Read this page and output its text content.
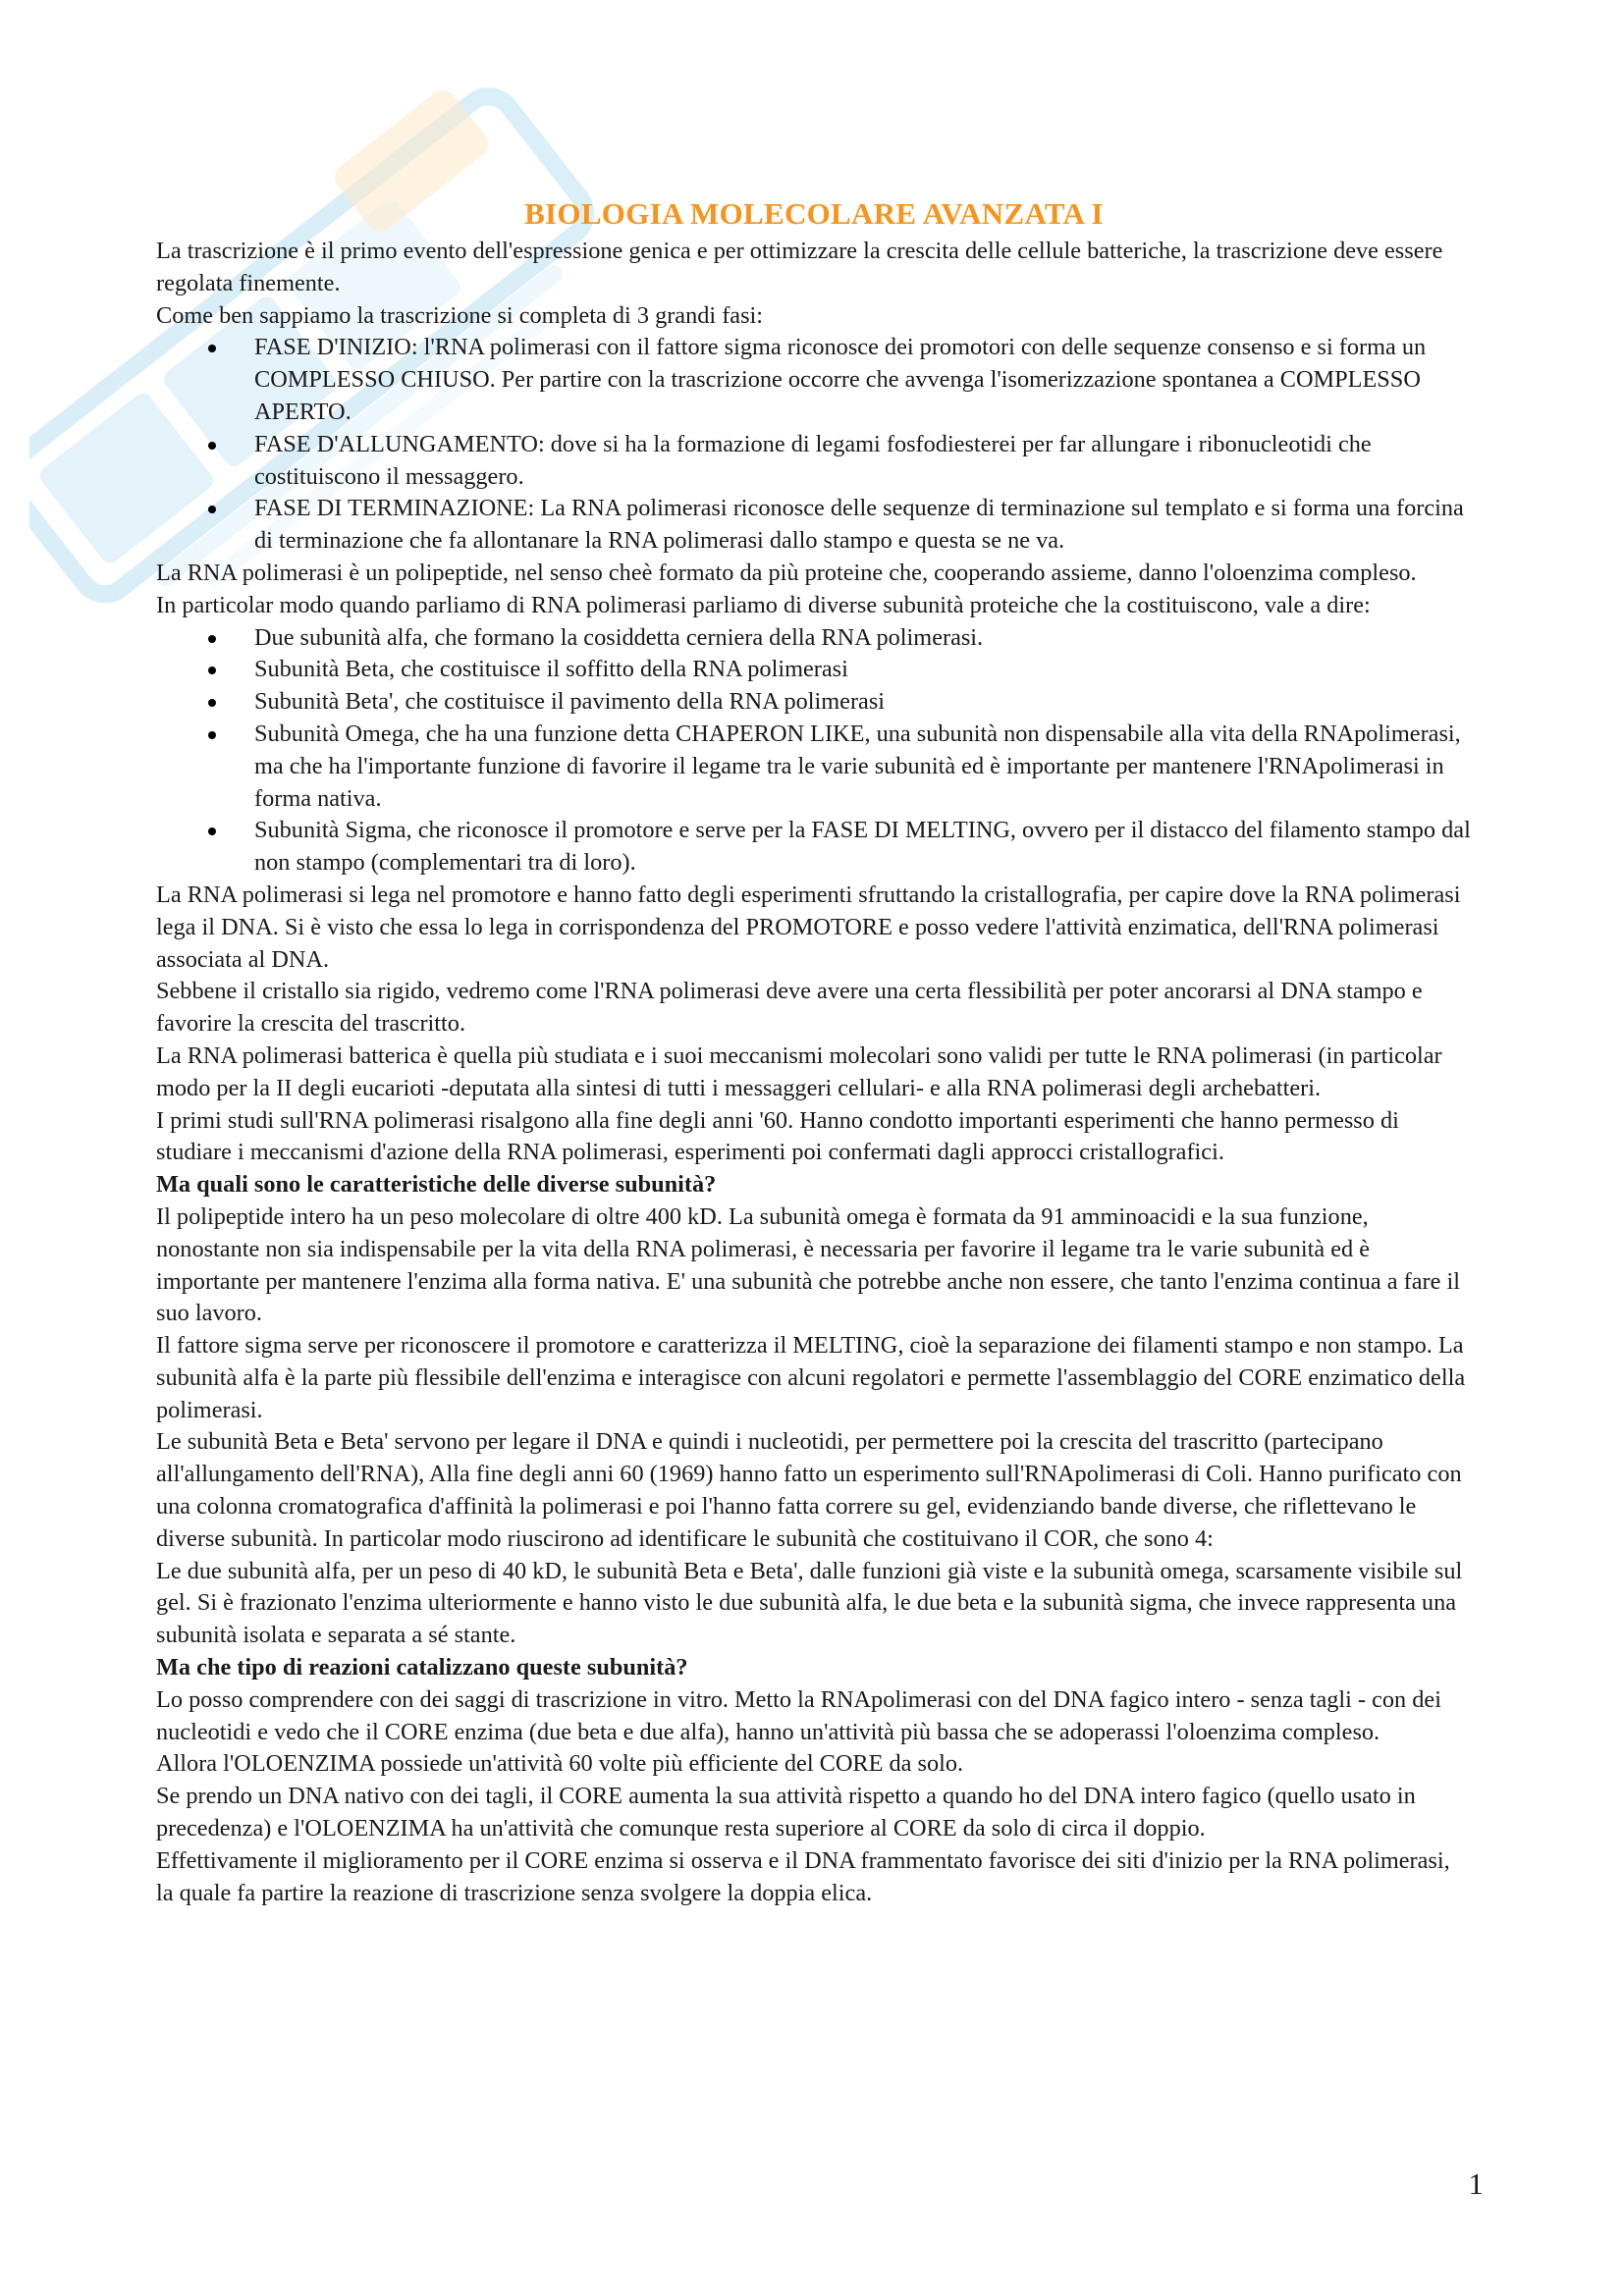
BIOLOGIA MOLECOLARE AVANZATA I

La trascrizione è il primo evento dell'espressione genica e per ottimizzare la crescita delle cellule batteriche, la trascrizione deve essere regolata finemente.

Come ben sappiamo la trascrizione si completa di 3 grandi fasi:

FASE D'INIZIO: l'RNA polimerasi con il fattore sigma riconosce dei promotori con delle sequenze consenso e si forma un COMPLESSO CHIUSO. Per partire con la trascrizione occorre che avvenga l'isomerizzazione spontanea a COMPLESSO APERTO.
FASE D'ALLUNGAMENTO: dove si ha la formazione di legami fosfodiesterei per far allungare i ribonucleotidi che costituiscono il messaggero.
FASE DI TERMINAZIONE: La RNA polimerasi riconosce delle sequenze di terminazione sul templato e si forma una forcina di terminazione che fa allontanare la RNA polimerasi dallo stampo e questa se ne va.

La RNA polimerasi è un polipeptide, nel senso cheè formato da più proteine che, cooperando assieme, danno l'oloenzima compleso.

In particolar modo quando parliamo di RNA polimerasi parliamo di diverse subunità proteiche che la costituiscono, vale a dire:

Due subunità alfa, che formano la cosiddetta cerniera della RNA polimerasi.
Subunità Beta, che costituisce il soffitto della RNA polimerasi
Subunità Beta', che costituisce il pavimento della RNA polimerasi
Subunità Omega, che ha una funzione detta CHAPERON LIKE, una subunità non dispensabile alla vita della RNApolimerasi, ma che ha l'importante funzione di favorire il legame tra le varie subunità ed è importante per mantenere l'RNApolimerasi in forma nativa.
Subunità Sigma, che riconosce il promotore e serve per la FASE DI MELTING, ovvero per il distacco del filamento stampo dal non stampo (complementari tra di loro).

La RNA polimerasi si lega nel promotore e hanno fatto degli esperimenti sfruttando la cristallografia, per capire dove la RNA polimerasi lega il DNA. Si è visto che essa lo lega in corrispondenza del PROMOTORE e posso vedere l'attività enzimatica, dell'RNA polimerasi associata al DNA.

Sebbene il cristallo sia rigido, vedremo come l'RNA polimerasi deve avere una certa flessibilità per poter ancorarsi al DNA stampo e favorire la crescita del trascritto.

La RNA polimerasi batterica è quella più studiata e i suoi meccanismi molecolari sono validi per tutte le RNA polimerasi (in particolar modo per la II degli eucarioti -deputata alla sintesi di tutti i messaggeri cellulari- e alla RNA polimerasi degli archebatteri.

I primi studi sull'RNA polimerasi risalgono alla fine degli anni '60. Hanno condotto importanti esperimenti che hanno permesso di studiare i meccanismi d'azione della RNA polimerasi, esperimenti poi confermati dagli approcci cristallografici.

Ma quali sono le caratteristiche delle diverse subunità?

Il polipeptide intero ha un peso molecolare di oltre 400 kD. La subunità omega è formata da 91 amminoacidi e la sua funzione, nonostante non sia indispensabile per la vita della RNA polimerasi, è necessaria per favorire il legame tra le varie subunità ed è importante per mantenere l'enzima alla forma nativa. E' una subunità che potrebbe anche non essere, che tanto l'enzima continua a fare il suo lavoro.

Il fattore sigma serve per riconoscere il promotore e caratterizza il MELTING, cioè la separazione dei filamenti stampo e non stampo. La subunità alfa è la parte più flessibile dell'enzima e interagisce con alcuni regolatori e permette l'assemblaggio del CORE enzimatico della polimerasi.

Le subunità Beta e Beta' servono per legare il DNA e quindi i nucleotidi, per permettere poi la crescita del trascritto (partecipano all'allungamento dell'RNA), Alla fine degli anni 60 (1969) hanno fatto un esperimento sull'RNApolimerasi di Coli. Hanno purificato con una colonna cromatografica d'affinità la polimerasi e poi l'hanno fatta correre su gel, evidenziando bande diverse, che riflettevano le diverse subunità. In particolar modo riuscirono ad identificare le subunità che costituivano il COR, che sono 4:

Le due subunità alfa, per un peso di 40 kD, le subunità Beta e Beta', dalle funzioni già viste e la subunità omega, scarsamente visibile sul gel. Si è frazionato l'enzima ulteriormente e hanno visto le due subunità alfa, le due beta e la subunità sigma, che invece rappresenta una subunità isolata e separata a sé stante.

Ma che tipo di reazioni catalizzano queste subunità?

Lo posso comprendere con dei saggi di trascrizione in vitro. Metto la RNApolimerasi con del DNA fagico intero - senza tagli - con dei nucleotidi e vedo che il CORE enzima (due beta e due alfa), hanno un'attività più bassa che se adoperassi l'oloenzima compleso.

Allora l'OLOENZIMA possiede un'attività 60 volte più efficiente del CORE da solo.

Se prendo un DNA nativo con dei tagli, il CORE aumenta la sua attività rispetto a quando ho del DNA intero fagico (quello usato in precedenza) e l'OLOENZIMA ha un'attività che comunque resta superiore al CORE da solo di circa il doppio.

Effettivamente il miglioramento per il CORE enzima si osserva e il DNA frammentato favorisce dei siti d'inizio per la RNA polimerasi, la quale fa partire la reazione di trascrizione senza svolgere la doppia elica.

1
